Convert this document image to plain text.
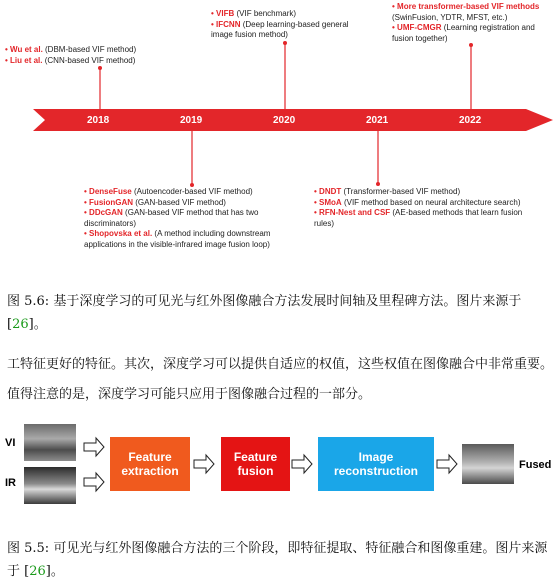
2018	2019	2020	2021	2022
• Wu et al. (DBM-based VIF method)
• Liu et al. (CNN-based VIF method)
• VIFB (VIF benchmark)
• IFCNN (Deep learning-based general image fusion method)
• More transformer-based VIF methods (SwinFusion, YDTR, MFST, etc.)
• UMF-CMGR (Learning registration and fusion together)
• DenseFuse (Autoencoder-based VIF method)
• FusionGAN (GAN-based VIF method)
• DDcGAN (GAN-based VIF method that has two discriminators)
• Shopovska et al. (A method including downstream applications in the visible-infrared image fusion loop)
• DNDT (Transformer-based VIF method)
• SMoA (VIF method based on neural architecture search)
• RFN-Nest and CSF (AE-based methods that learn fusion rules)
图 5.6: 基于深度学习的可见光与红外图像融合方法发展时间轴及里程碑方法。图片来源于 [26]。
工特征更好的特征。其次，深度学习可以提供自适应的权值，这些权值在图像融合中非常重要。值得注意的是，深度学习可能只应用于图像融合过程的一部分。
VI
IR
Feature extraction
Feature fusion
Image reconstruction	Fused
图 5.5: 可见光与红外图像融合方法的三个阶段，即特征提取、特征融合和图像重建。图片来源于 [26]。
